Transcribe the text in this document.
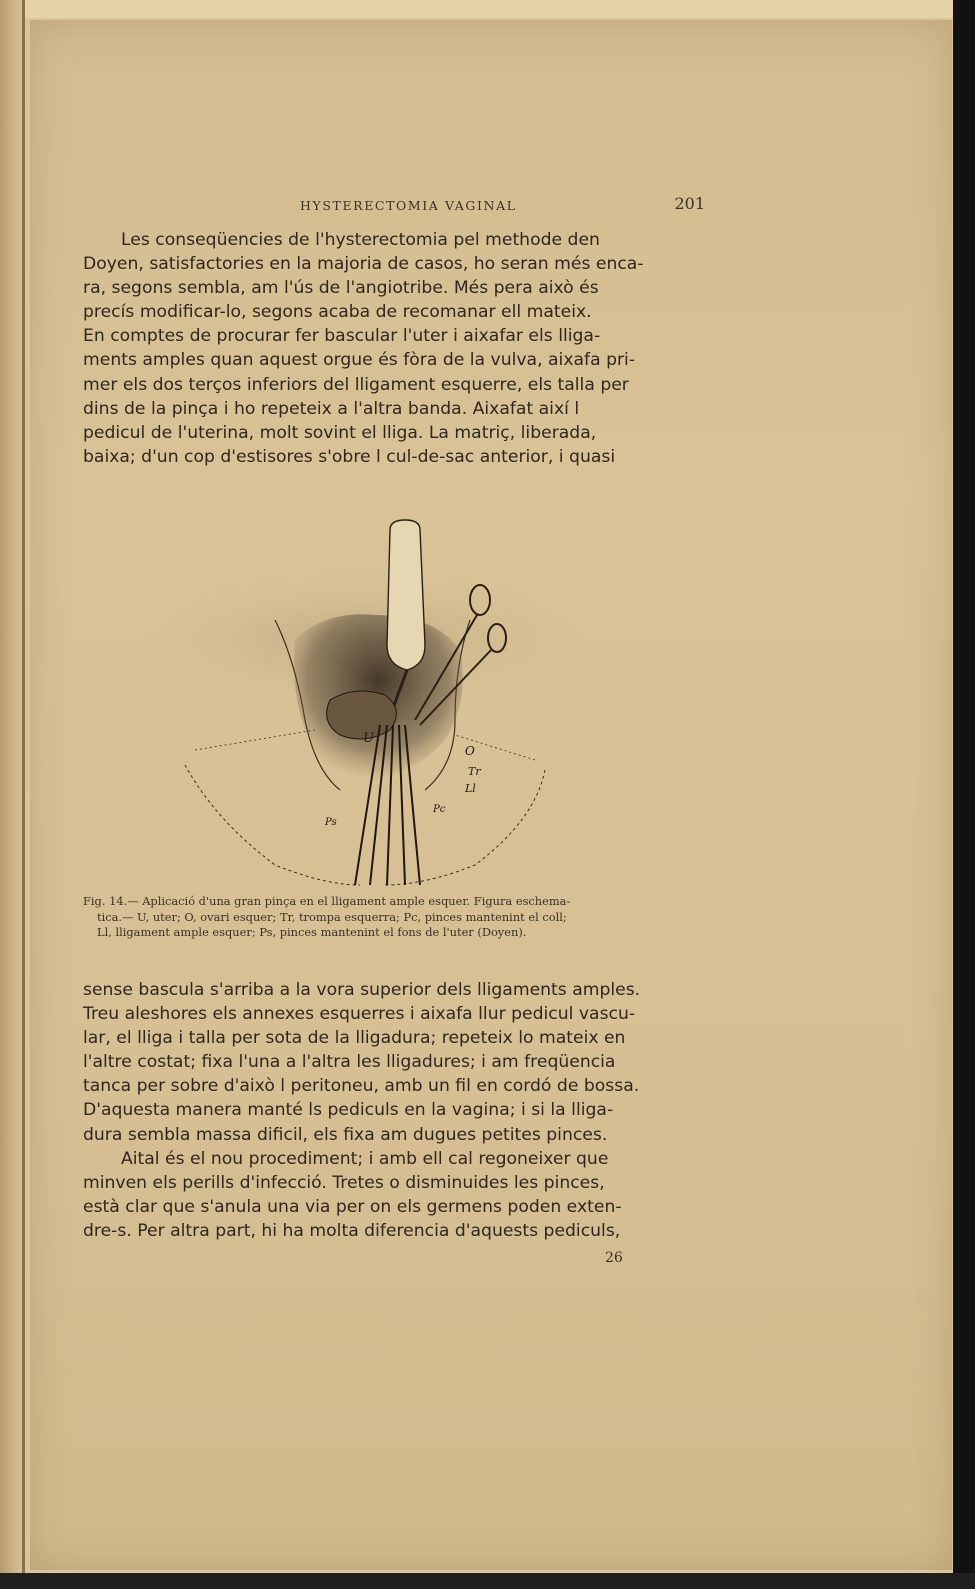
HYSTERECTOMIA VAGINAL	201

Les conseqüencies de l'hysterectomia pel methode den

Doyen, satisfactories en la majoria de casos, ho seran més enca-

ra, segons sembla, am l'ús de l'angiotribe. Més pera això és

precís modificar-lo, segons acaba de recomanar ell mateix.

En comptes de procurar fer bascular l'uter i aixafar els lliga-

ments amples quan aquest orgue és fòra de la vulva, aixafa pri-

mer els dos terços inferiors del lligament esquerre, els talla per

dins de la pinça i ho repeteix a l'altra banda. Aixafat així l

pedicul de l'uterina, molt sovint el lliga. La matriç, liberada,

baixa; d'un cop d'estisores s'obre l cul-de-sac anterior, i quasi

U
O
Tr
Ll
Pc
Ps
Fig. 14.— Aplicació d'una gran pinça en el lligament ample esquer. Figura eschema-
tica.— U, uter; O, ovari esquer; Tr, trompa esquerra; Pc, pinces mantenint el coll;
Ll, lligament ample esquer; Ps, pinces mantenint el fons de l'uter (Doyen).

sense bascula s'arriba a la vora superior dels lligaments amples.

Treu aleshores els annexes esquerres i aixafa llur pedicul vascu-

lar, el lliga i talla per sota de la lligadura; repeteix lo mateix en

l'altre costat; fixa l'una a l'altra les lligadures; i am freqüencia

tanca per sobre d'això l peritoneu, amb un fil en cordó de bossa.

D'aquesta manera manté ls pediculs en la vagina; i si la lliga-

dura sembla massa dificil, els fixa am dugues petites pinces.

Aital és el nou procediment; i amb ell cal regoneixer que

minven els perills d'infecció. Tretes o disminuides les pinces,

està clar que s'anula una via per on els germens poden exten-

dre-s. Per altra part, hi ha molta diferencia d'aquests pediculs,

26
